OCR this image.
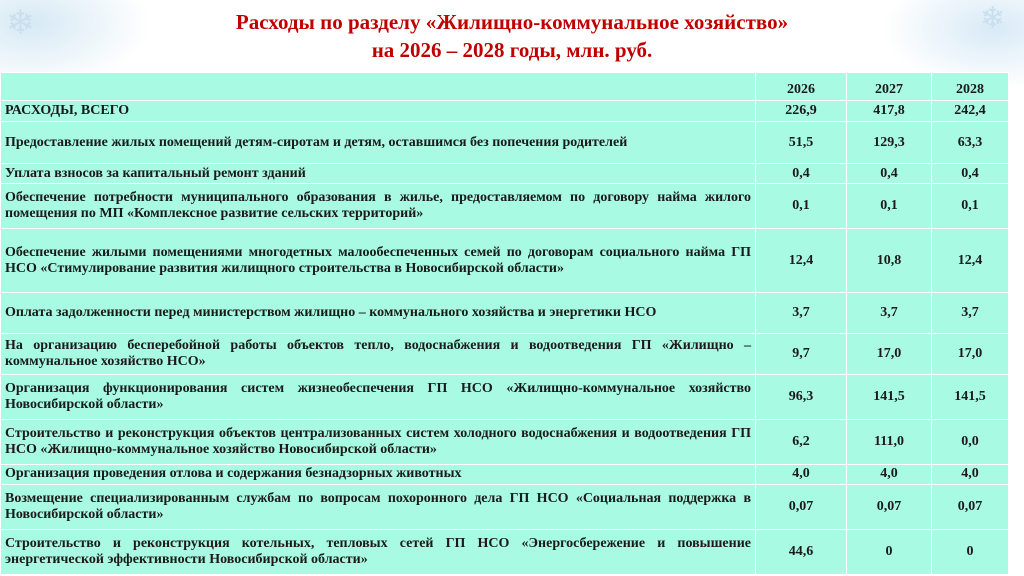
❄	❄
Расходы по разделу «Жилищно-коммунальное хозяйство»
на 2026 – 2028 годы, млн. руб.
	2026	2027	2028
РАСХОДЫ, ВСЕГО	226,9	417,8	242,4
Предоставление жилых помещений детям-сиротам и детям, оставшимся без попечения родителей	51,5	129,3	63,3
Уплата взносов за капитальный ремонт зданий	0,4	0,4	0,4
Обеспечение потребности муниципального образования в жилье, предоставляемом по договору найма жилого помещения по МП «Комплексное развитие сельских территорий»	0,1	0,1	0,1
Обеспечение жилыми помещениями многодетных малообеспеченных семей по договорам социального найма ГП НСО «Стимулирование развития жилищного строительства в Новосибирской области»	12,4	10,8	12,4
Оплата задолженности перед министерством жилищно – коммунального хозяйства и энергетики НСО	3,7	3,7	3,7
На организацию бесперебойной работы объектов тепло, водоснабжения и водоотведения ГП «Жилищно – коммунальное хозяйство НСО»	9,7	17,0	17,0
Организация функционирования систем жизнеобеспечения ГП НСО «Жилищно-коммунальное хозяйство Новосибирской области»	96,3	141,5	141,5
Строительство и реконструкция объектов централизованных систем холодного водоснабжения и водоотведения ГП НСО «Жилищно-коммунальное хозяйство Новосибирской области»	6,2	111,0	0,0
Организация проведения отлова и содержания безнадзорных животных	4,0	4,0	4,0
Возмещение специализированным службам по вопросам похоронного дела ГП НСО «Социальная поддержка в Новосибирской области»	0,07	0,07	0,07
Строительство и реконструкция котельных, тепловых сетей ГП НСО «Энергосбережение и повышение энергетической эффективности Новосибирской области»	44,6	0	0
